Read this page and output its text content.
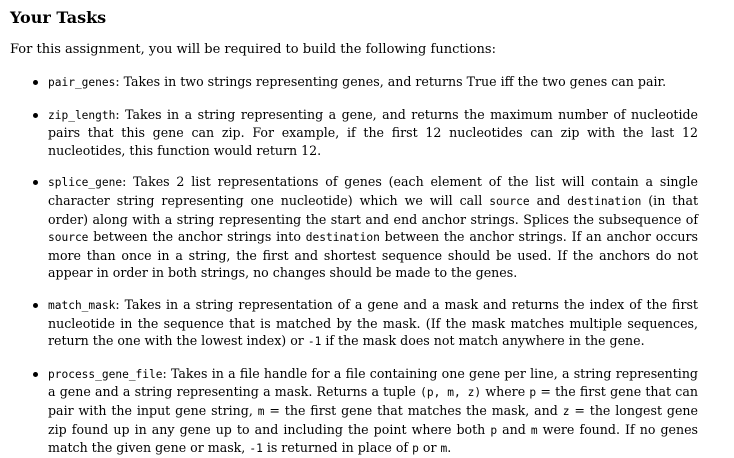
Your Tasks

For this assignment, you will be required to build the following functions:

pair_genes: Takes in two strings representing genes, and returns True iff the two genes can pair.
zip_length: Takes in a string representing a gene, and returns the maximum number of nucleotide pairs that this gene can zip. For example, if the first 12 nucleotides can zip with the last 12 nucleotides, this function would return 12.
splice_gene: Takes 2 list representations of genes (each element of the list will contain a single character string representing one nucleotide) which we will call source and destination (in that order) along with a string representing the start and end anchor strings. Splices the subsequence of source between the anchor strings into destination between the anchor strings. If an anchor occurs more than once in a string, the first and shortest sequence should be used. If the anchors do not appear in order in both strings, no changes should be made to the genes.
match_mask: Takes in a string representation of a gene and a mask and returns the index of the first nucleotide in the sequence that is matched by the mask. (If the mask matches multiple sequences, return the one with the lowest index) or -1 if the mask does not match anywhere in the gene.
process_gene_file: Takes in a file handle for a file containing one gene per line, a string representing a gene and a string representing a mask. Returns a tuple (p, m, z) where p = the first gene that can pair with the input gene string, m = the first gene that matches the mask, and z = the longest gene zip found up in any gene up to and including the point where both p and m were found. If no genes match the given gene or mask, -1 is returned in place of p or m.
